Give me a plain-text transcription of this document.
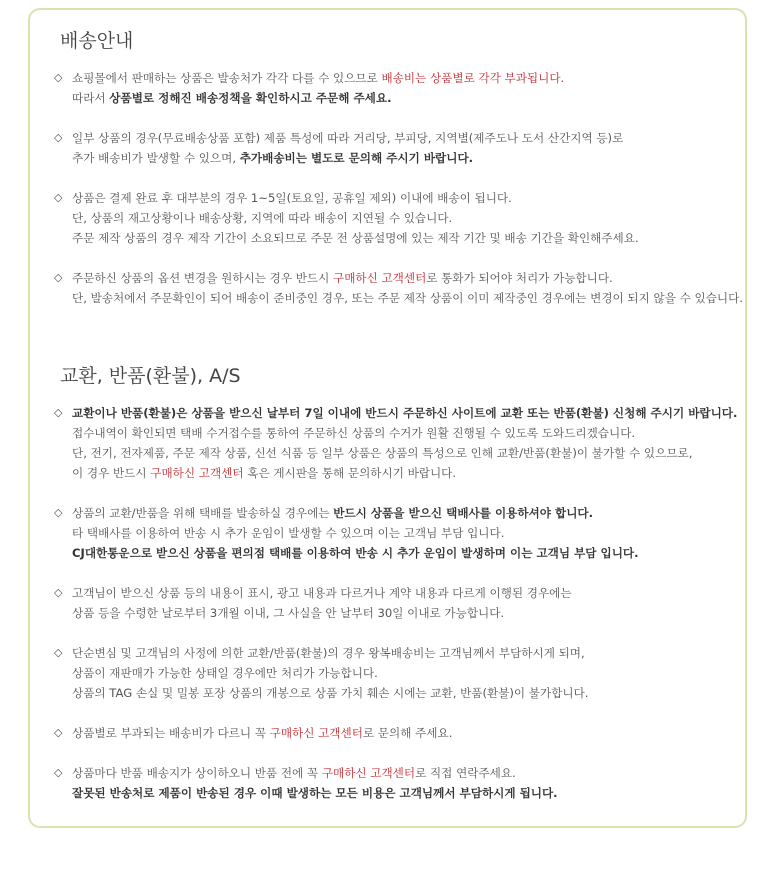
배송안내

◇ 쇼핑몰에서 판매하는 상품은 발송처가 각각 다를 수 있으므로 배송비는 상품별로 각각 부과됩니다.
따라서 상품별로 정해진 배송정책을 확인하시고 주문해 주세요.

◇ 일부 상품의 경우(무료배송상품 포함) 제품 특성에 따라 거리당, 부피당, 지역별(제주도나 도서 산간지역 등)로
추가 배송비가 발생할 수 있으며, 추가배송비는 별도로 문의해 주시기 바랍니다.

◇ 상품은 결제 완료 후 대부분의 경우 1~5일(토요일, 공휴일 제외) 이내에 배송이 됩니다.
단, 상품의 재고상황이나 배송상황, 지역에 따라 배송이 지연될 수 있습니다.
주문 제작 상품의 경우 제작 기간이 소요되므로 주문 전 상품설명에 있는 제작 기간 및 배송 기간을 확인해주세요.

◇ 주문하신 상품의 옵션 변경을 원하시는 경우 반드시 구매하신 고객센터로 통화가 되어야 처리가 가능합니다.
단, 발송처에서 주문확인이 되어 배송이 준비중인 경우, 또는 주문 제작 상품이 이미 제작중인 경우에는 변경이 되지 않을 수 있습니다.

교환, 반품(환불), A/S

◇ 교환이나 반품(환불)은 상품을 받으신 날부터 7일 이내에 반드시 주문하신 사이트에 교환 또는 반품(환불) 신청해 주시기 바랍니다.
접수내역이 확인되면 택배 수거접수를 통하여 주문하신 상품의 수거가 원활 진행될 수 있도록 도와드리겠습니다.
단, 전기, 전자제품, 주문 제작 상품, 신선 식품 등 일부 상품은 상품의 특성으로 인해 교환/반품(환불)이 불가할 수 있으므로,
이 경우 반드시 구매하신 고객센터 혹은 게시판을 통해 문의하시기 바랍니다.

◇ 상품의 교환/반품을 위해 택배를 발송하실 경우에는 반드시 상품을 받으신 택배사를 이용하셔야 합니다.
타 택배사를 이용하여 반송 시 추가 운임이 발생할 수 있으며 이는 고객님 부담 입니다.
CJ대한통운으로 받으신 상품을 편의점 택배를 이용하여 반송 시 추가 운임이 발생하며 이는 고객님 부담 입니다.

◇ 고객님이 받으신 상품 등의 내용이 표시, 광고 내용과 다르거나 계약 내용과 다르게 이행된 경우에는
상품 등을 수령한 날로부터 3개월 이내, 그 사실을 안 날부터 30일 이내로 가능합니다.

◇ 단순변심 및 고객님의 사정에 의한 교환/반품(환불)의 경우 왕복배송비는 고객님께서 부담하시게 되며,
상품이 재판매가 가능한 상태일 경우에만 처리가 가능합니다.
상품의 TAG 손실 및 밀봉 포장 상품의 개봉으로 상품 가치 훼손 시에는 교환, 반품(환불)이 불가합니다.

◇ 상품별로 부과되는 배송비가 다르니 꼭 구매하신 고객센터로 문의해 주세요.

◇ 상품마다 반품 배송지가 상이하오니 반품 전에 꼭 구매하신 고객센터로 직접 연락주세요.
잘못된 반송처로 제품이 반송된 경우 이때 발생하는 모든 비용은 고객님께서 부담하시게 됩니다.
